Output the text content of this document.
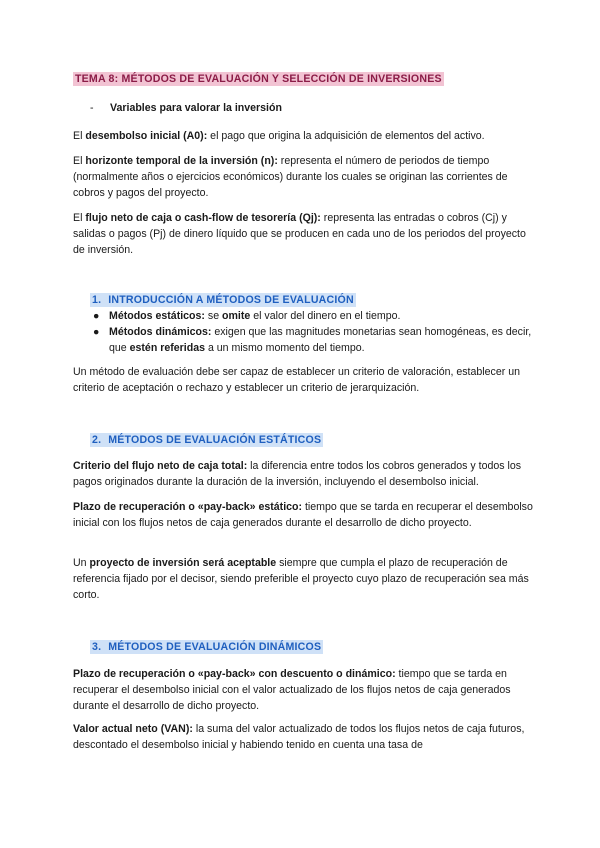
TEMA 8: MÉTODOS DE EVALUACIÓN Y SELECCIÓN DE INVERSIONES
- Variables para valorar la inversión
El desembolso inicial (A0): el pago que origina la adquisición de elementos del activo.
El horizonte temporal de la inversión (n): representa el número de periodos de tiempo (normalmente años o ejercicios económicos) durante los cuales se originan las corrientes de cobros y pagos del proyecto.
El flujo neto de caja o cash-flow de tesorería (Qj): representa las entradas o cobros (Cj) y salidas o pagos (Pj) de dinero líquido que se producen en cada uno de los periodos del proyecto de inversión.
1. INTRODUCCIÓN A MÉTODOS DE EVALUACIÓN
● Métodos estáticos: se omite el valor del dinero en el tiempo.
● Métodos dinámicos: exigen que las magnitudes monetarias sean homogéneas, es decir, que estén referidas a un mismo momento del tiempo.
Un método de evaluación debe ser capaz de establecer un criterio de valoración, establecer un criterio de aceptación o rechazo y establecer un criterio de jerarquización.
2. MÉTODOS DE EVALUACIÓN ESTÁTICOS
Criterio del flujo neto de caja total: la diferencia entre todos los cobros generados y todos los pagos originados durante la duración de la inversión, incluyendo el desembolso inicial.
Plazo de recuperación o «pay-back» estático: tiempo que se tarda en recuperar el desembolso inicial con los flujos netos de caja generados durante el desarrollo de dicho proyecto.
Un proyecto de inversión será aceptable siempre que cumpla el plazo de recuperación de referencia fijado por el decisor, siendo preferible el proyecto cuyo plazo de recuperación sea más corto.
3. MÉTODOS DE EVALUACIÓN DINÁMICOS
Plazo de recuperación o «pay-back» con descuento o dinámico: tiempo que se tarda en recuperar el desembolso inicial con el valor actualizado de los flujos netos de caja generados durante el desarrollo de dicho proyecto.
Valor actual neto (VAN): la suma del valor actualizado de todos los flujos netos de caja futuros, descontado el desembolso inicial y habiendo tenido en cuenta una tasa de
